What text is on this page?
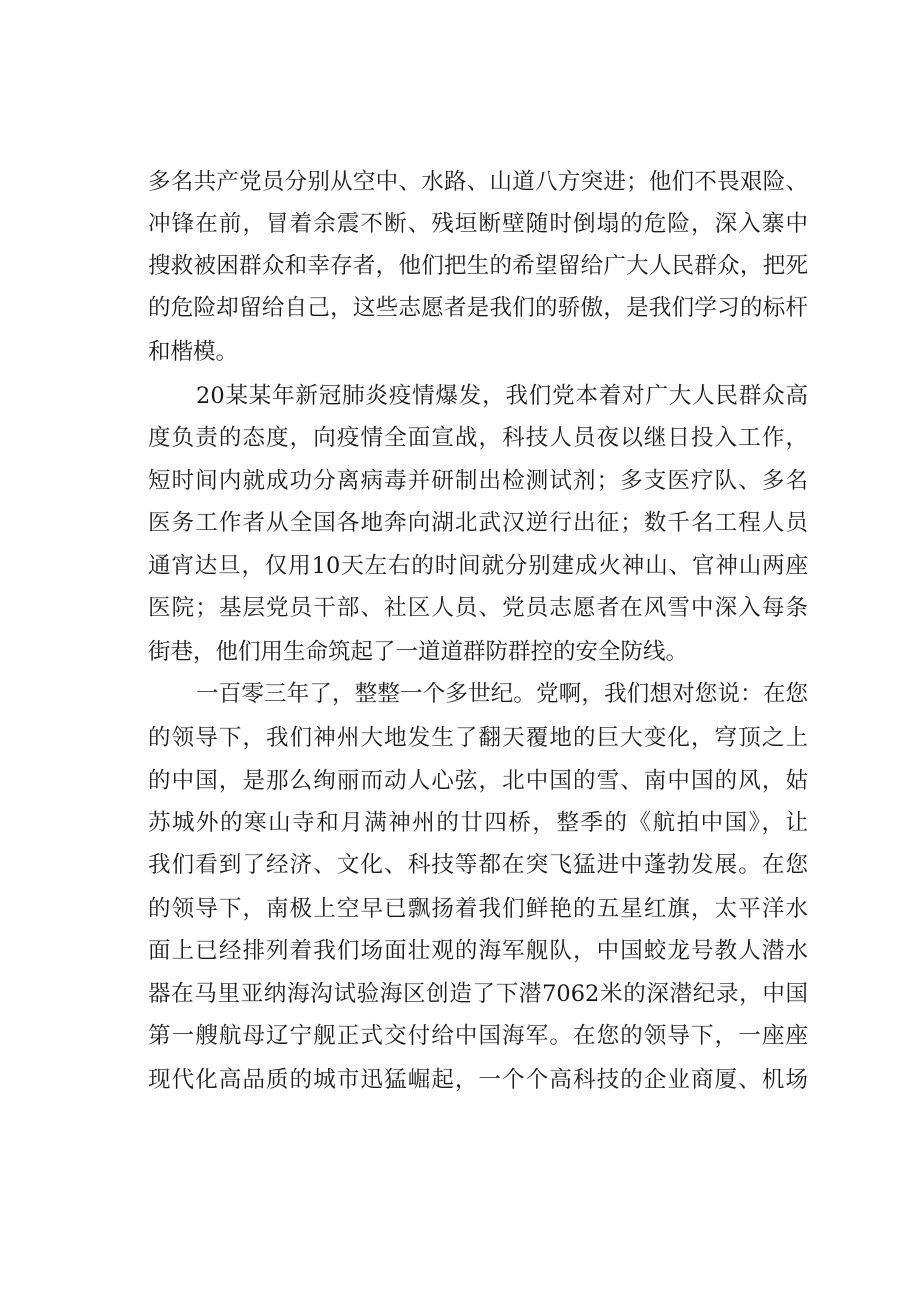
多名共产党员分别从空中、水路、山道八方突进；他们不畏艰险、
冲锋在前，冒着余震不断、残垣断壁随时倒塌的危险，深入寨中
搜救被困群众和幸存者，他们把生的希望留给广大人民群众，把死
的危险却留给自己，这些志愿者是我们的骄傲，是我们学习的标杆
和楷模。
20某某年新冠肺炎疫情爆发，我们党本着对广大人民群众高
度负责的态度，向疫情全面宣战，科技人员夜以继日投入工作，
短时间内就成功分离病毒并研制出检测试剂；多支医疗队、多名
医务工作者从全国各地奔向湖北武汉逆行出征；数千名工程人员
通宵达旦，仅用10天左右的时间就分别建成火神山、官神山两座
医院；基层党员干部、社区人员、党员志愿者在风雪中深入每条
街巷，他们用生命筑起了一道道群防群控的安全防线。
一百零三年了，整整一个多世纪。党啊，我们想对您说：在您
的领导下，我们神州大地发生了翻天覆地的巨大变化，穹顶之上
的中国，是那么绚丽而动人心弦，北中国的雪、南中国的风，姑
苏城外的寒山寺和月满神州的廿四桥，整季的《航拍中国》，让
我们看到了经济、文化、科技等都在突飞猛进中蓬勃发展。在您
的领导下，南极上空早已飘扬着我们鲜艳的五星红旗，太平洋水
面上已经排列着我们场面壮观的海军舰队，中国蛟龙号教人潜水
器在马里亚纳海沟试验海区创造了下潜7062米的深潜纪录，中国
第一艘航母辽宁舰正式交付给中国海军。在您的领导下，一座座
现代化高品质的城市迅猛崛起，一个个高科技的企业商厦、机场
